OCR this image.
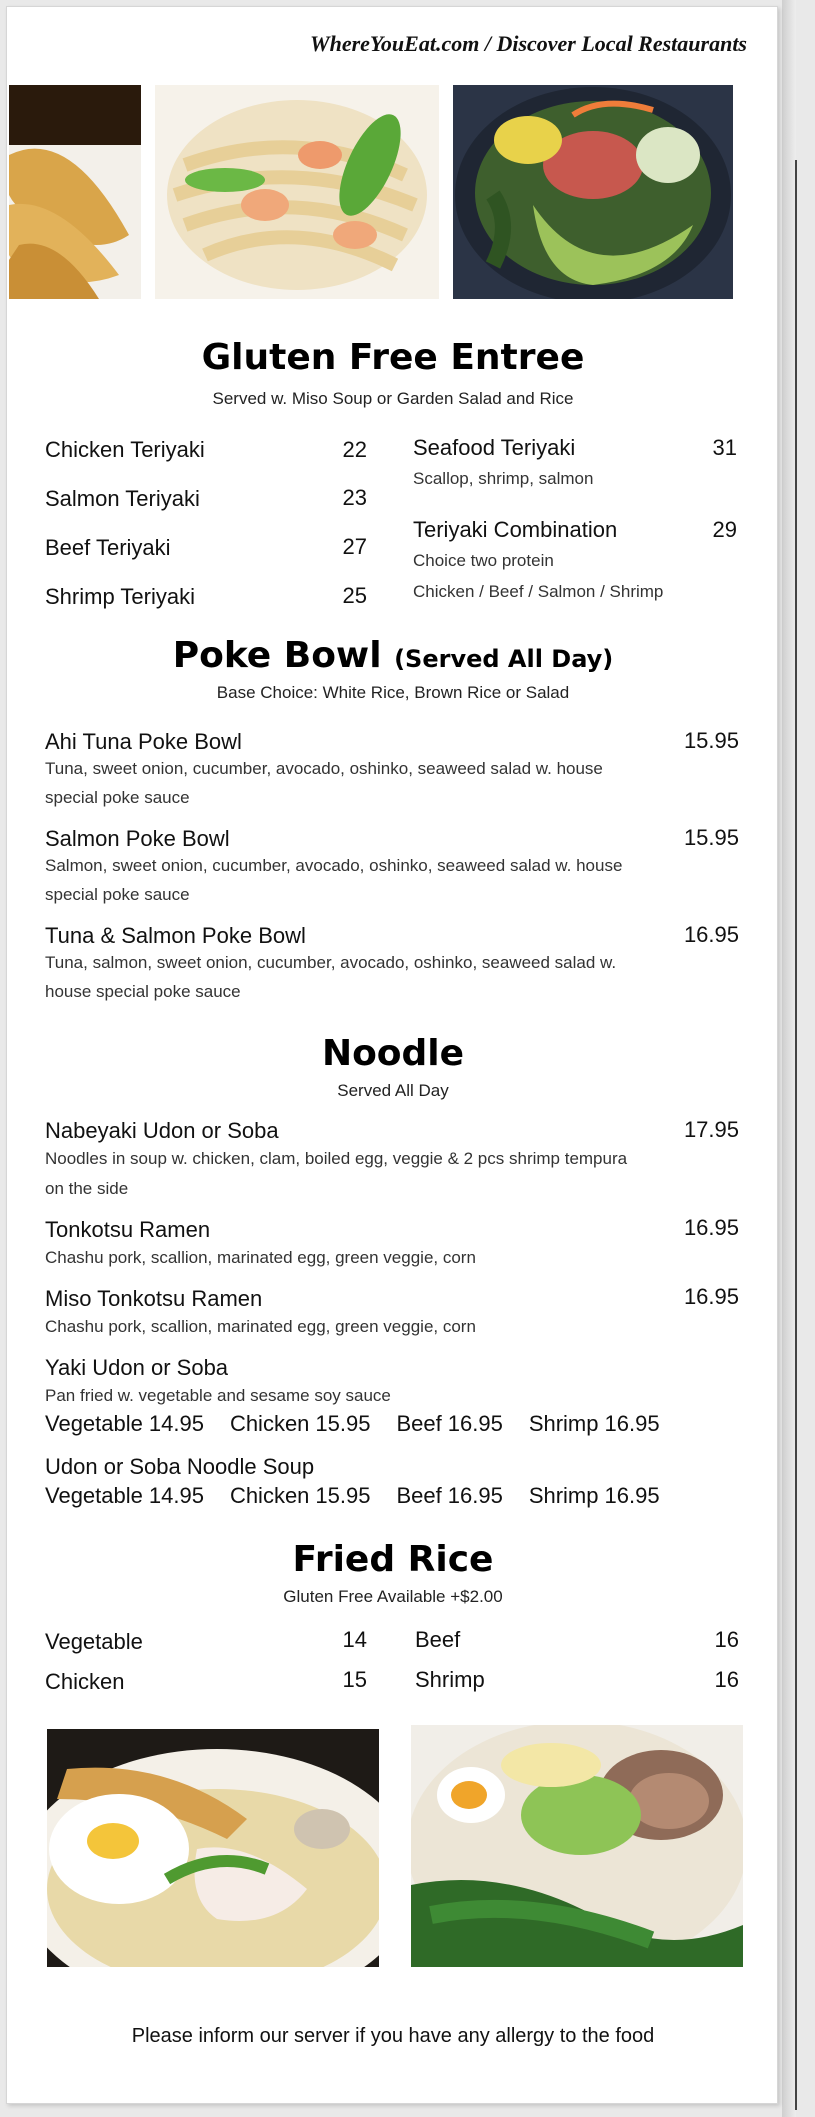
WhereYouEat.com / Discover Local Restaurants
Gluten Free Entree
Served w. Miso Soup or Garden Salad and Rice
Chicken Teriyaki	22
Salmon Teriyaki	23
Beef Teriyaki	27
Shrimp Teriyaki	25
Seafood Teriyaki	31
Scallop, shrimp, salmon
Teriyaki Combination	29
Choice two protein
Chicken / Beef / Salmon / Shrimp
Poke Bowl (Served All Day)
Base Choice: White Rice, Brown Rice or Salad
Ahi Tuna Poke Bowl	15.95
Tuna, sweet onion, cucumber, avocado, oshinko, seaweed salad w. house
special poke sauce
Salmon Poke Bowl	15.95
Salmon, sweet onion, cucumber, avocado, oshinko, seaweed salad w. house
special poke sauce
Tuna & Salmon Poke Bowl	16.95
Tuna, salmon, sweet onion, cucumber, avocado, oshinko, seaweed salad w.
house special poke sauce
Noodle
Served All Day
Nabeyaki Udon or Soba	17.95
Noodles in soup w. chicken, clam, boiled egg, veggie & 2 pcs shrimp tempura
on the side
Tonkotsu Ramen	16.95
Chashu pork, scallion, marinated egg, green veggie, corn
Miso Tonkotsu Ramen	16.95
Chashu pork, scallion, marinated egg, green veggie, corn
Yaki Udon or Soba
Pan fried w. vegetable and sesame soy sauce
Vegetable 14.95 Chicken 15.95 Beef 16.95 Shrimp 16.95
Udon or Soba Noodle Soup
Vegetable 14.95 Chicken 15.95 Beef 16.95 Shrimp 16.95
Fried Rice
Gluten Free Available +$2.00
Vegetable	14
Chicken	15
Beef	16
Shrimp	16
Please inform our server if you have any allergy to the food
